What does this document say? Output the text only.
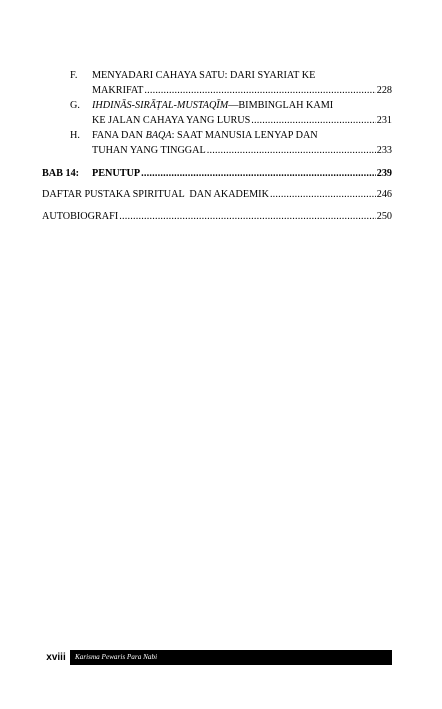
F. MENYADARI CAHAYA SATU: DARI SYARIAT KE
MAKRIFAT .....	228
G. IHDINĀS-SIRĀṬAL-MUSTAQĪM—BIMBINGLAH KAMI
KE JALAN CAHAYA YANG LURUS .....	231
H. FANA DAN BAQA: SAAT MANUSIA LENYAP DAN
TUHAN YANG TINGGAL .....	233
BAB 14:	PENUTUP .....	239
DAFTAR PUSTAKA SPIRITUAL  DAN AKADEMIK .....	246
AUTOBIOGRAFI .....	250
xviii	Karisma Pewaris Para Nabi
